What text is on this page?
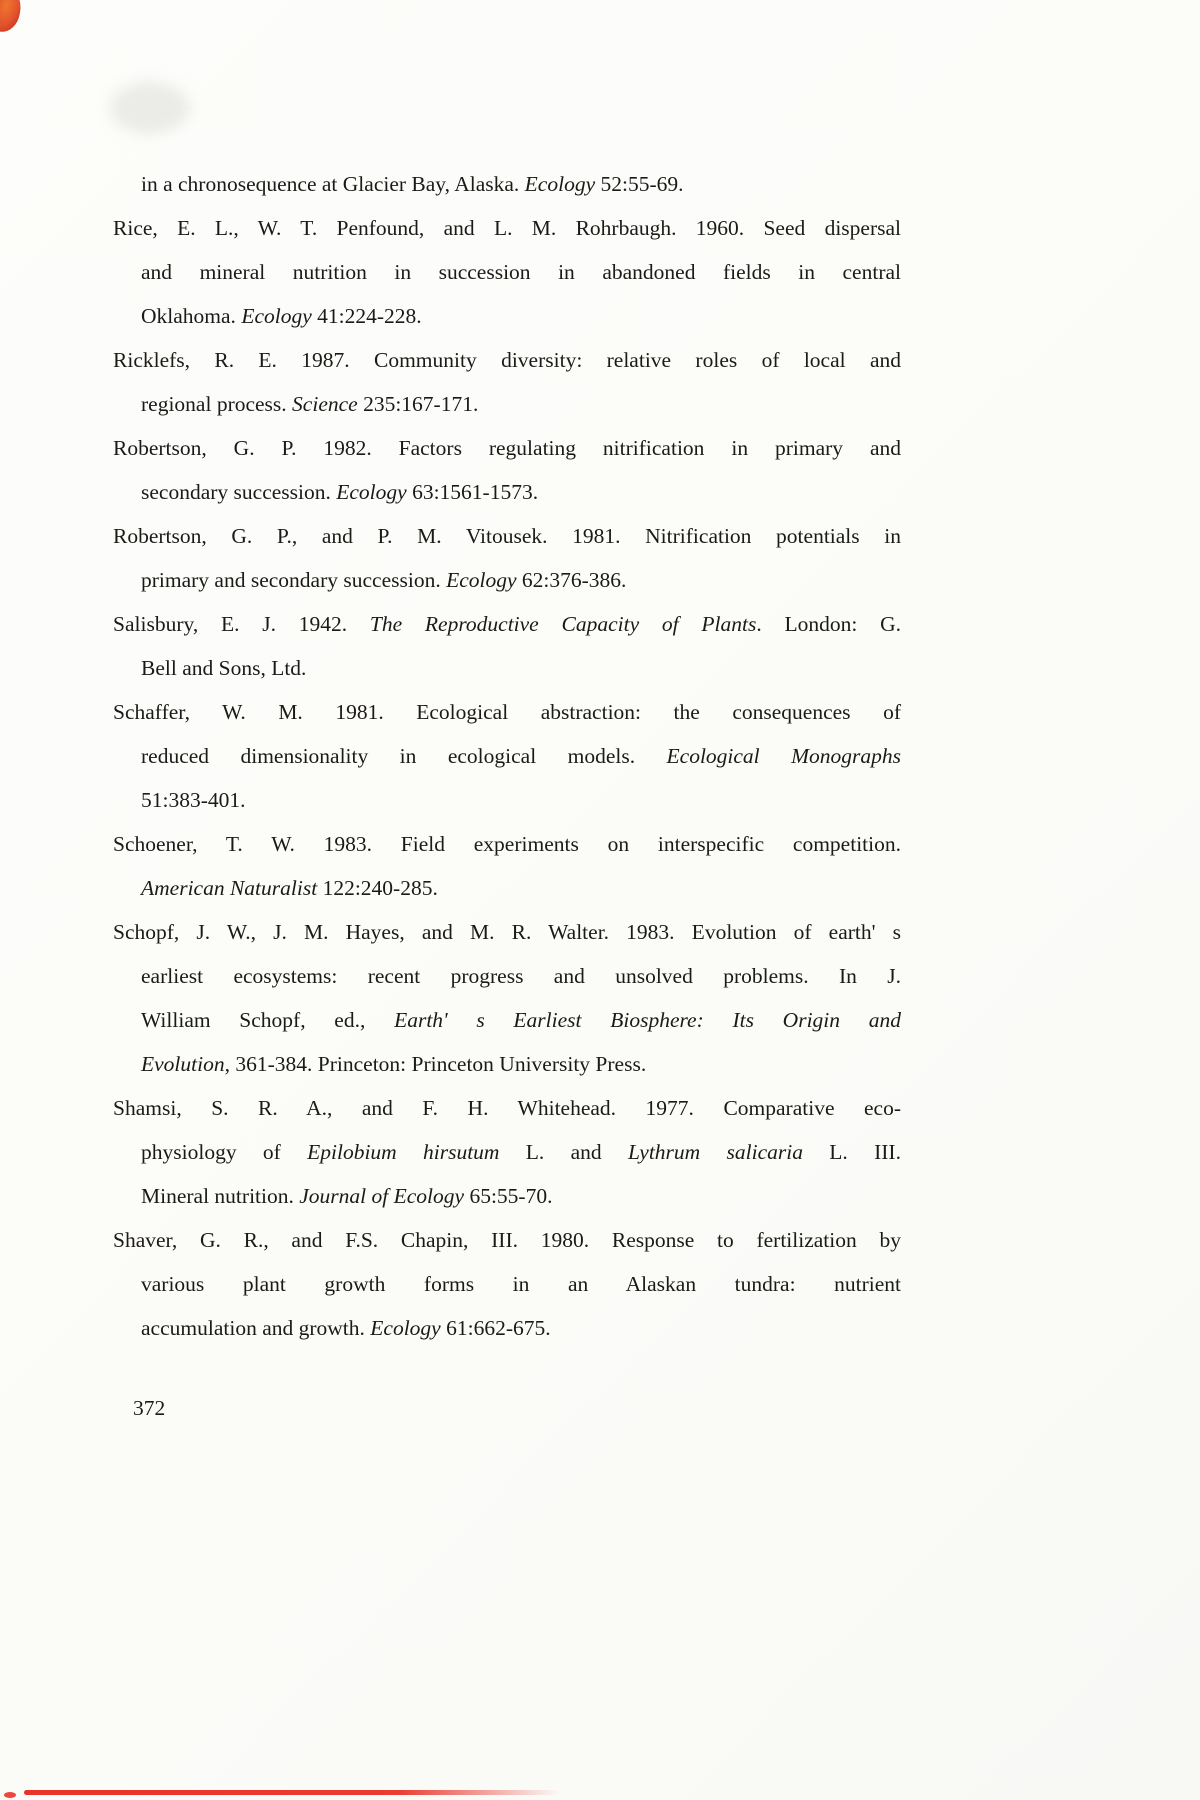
in a chronosequence at Glacier Bay, Alaska. Ecology 52:55-69.
Rice, E. L., W. T. Penfound, and L. M. Rohrbaugh. 1960. Seed dispersal
and mineral nutrition in succession in abandoned fields in central
Oklahoma. Ecology 41:224-228.
Ricklefs, R. E. 1987. Community diversity: relative roles of local and
regional process. Science 235:167-171.
Robertson, G. P. 1982. Factors regulating nitrification in primary and
secondary succession. Ecology 63:1561-1573.
Robertson, G. P., and P. M. Vitousek. 1981. Nitrification potentials in
primary and secondary succession. Ecology 62:376-386.
Salisbury, E. J. 1942. The Reproductive Capacity of Plants. London: G.
Bell and Sons, Ltd.
Schaffer, W. M. 1981. Ecological abstraction: the consequences of
reduced dimensionality in ecological models. Ecological Monographs
51:383-401.
Schoener, T. W. 1983. Field experiments on interspecific competition.
American Naturalist 122:240-285.
Schopf, J. W., J. M. Hayes, and M. R. Walter. 1983. Evolution of earth' s
earliest ecosystems: recent progress and unsolved problems. In J.
William Schopf, ed., Earth' s Earliest Biosphere: Its Origin and
Evolution, 361-384. Princeton: Princeton University Press.
Shamsi, S. R. A., and F. H. Whitehead. 1977. Comparative eco-
physiology of Epilobium hirsutum L. and Lythrum salicaria L. III.
Mineral nutrition. Journal of Ecology 65:55-70.
Shaver, G. R., and F.S. Chapin, III. 1980. Response to fertilization by
various plant growth forms in an Alaskan tundra: nutrient
accumulation and growth. Ecology 61:662-675.
372
